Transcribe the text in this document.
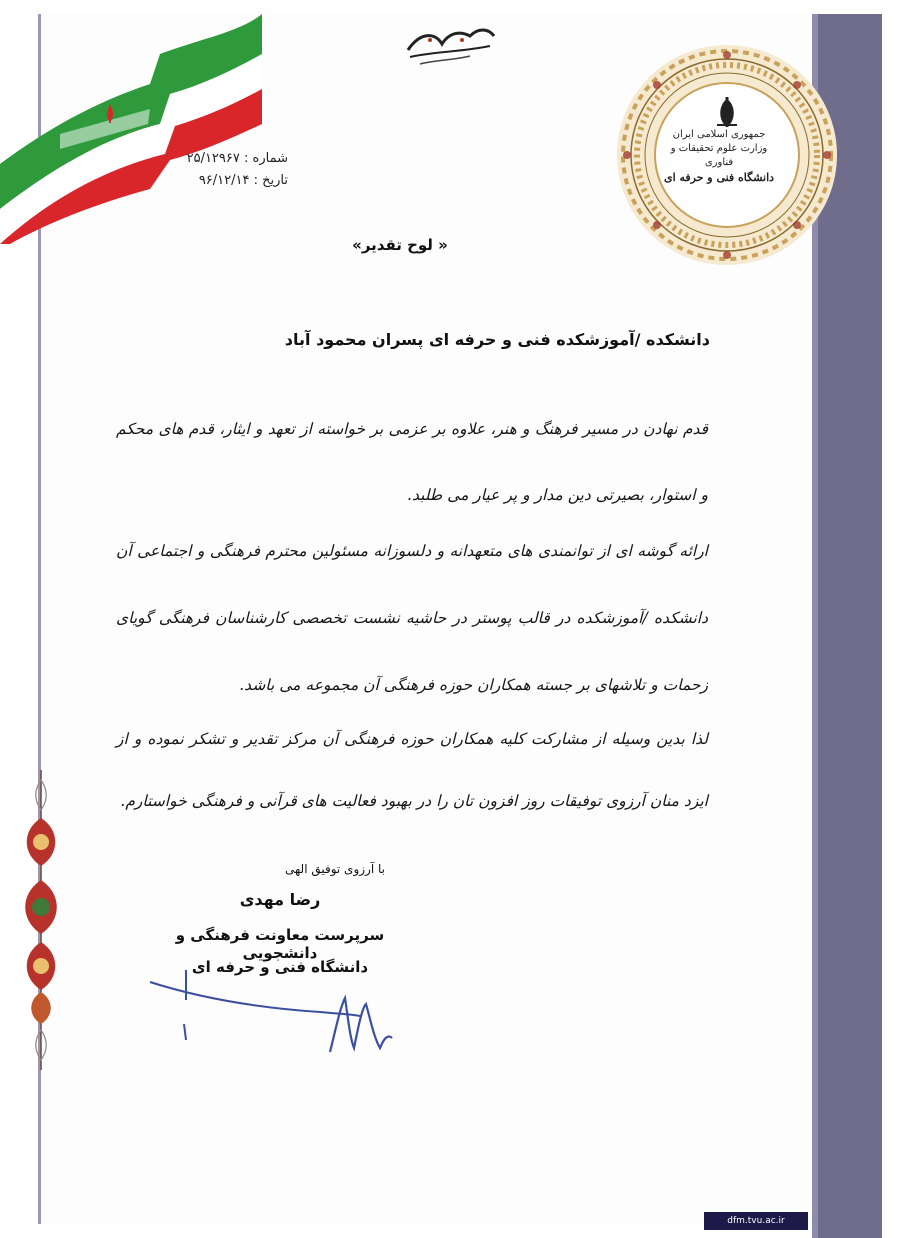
جمهوری اسلامی ایران
وزارت علوم تحقیقات و فناوری
دانشگاه فنی و حرفه ای
شماره : ۲۵/۱۲۹۶۷
تاریخ : ۹۶/۱۲/۱۴
« لوح تقدیر»
دانشکده /آموزشکده فنی و حرفه ای پسران محمود آباد
قدم نهادن در مسیر فرهنگ و هنر، علاوه بر عزمی بر خواسته از تعهد و ایثار، قدم های محکم و استوار، بصیرتی دین مدار و پر عیار می طلبد.
ارائه گوشه ای از توانمندی های متعهدانه و دلسوزانه مسئولین محترم فرهنگی و اجتماعی آن دانشکده /آموزشکده در قالب پوستر در حاشیه نشست تخصصی کارشناسان فرهنگی گویای زحمات و تلاشهای بر جسته همکاران حوزه فرهنگی آن مجموعه می باشد.
لذا بدین وسیله از مشارکت کلیه همکاران حوزه فرهنگی آن مرکز تقدیر و تشکر نموده و از ایزد منان آرزوی توفیقات روز افزون تان را در بهبود فعالیت های قرآنی و فرهنگی خواستارم.
با آرزوی توفیق الهی
رضا مهدی
سرپرست معاونت فرهنگی و دانشجویی
دانشگاه فنی و حرفه ای
dfm.tvu.ac.ir
